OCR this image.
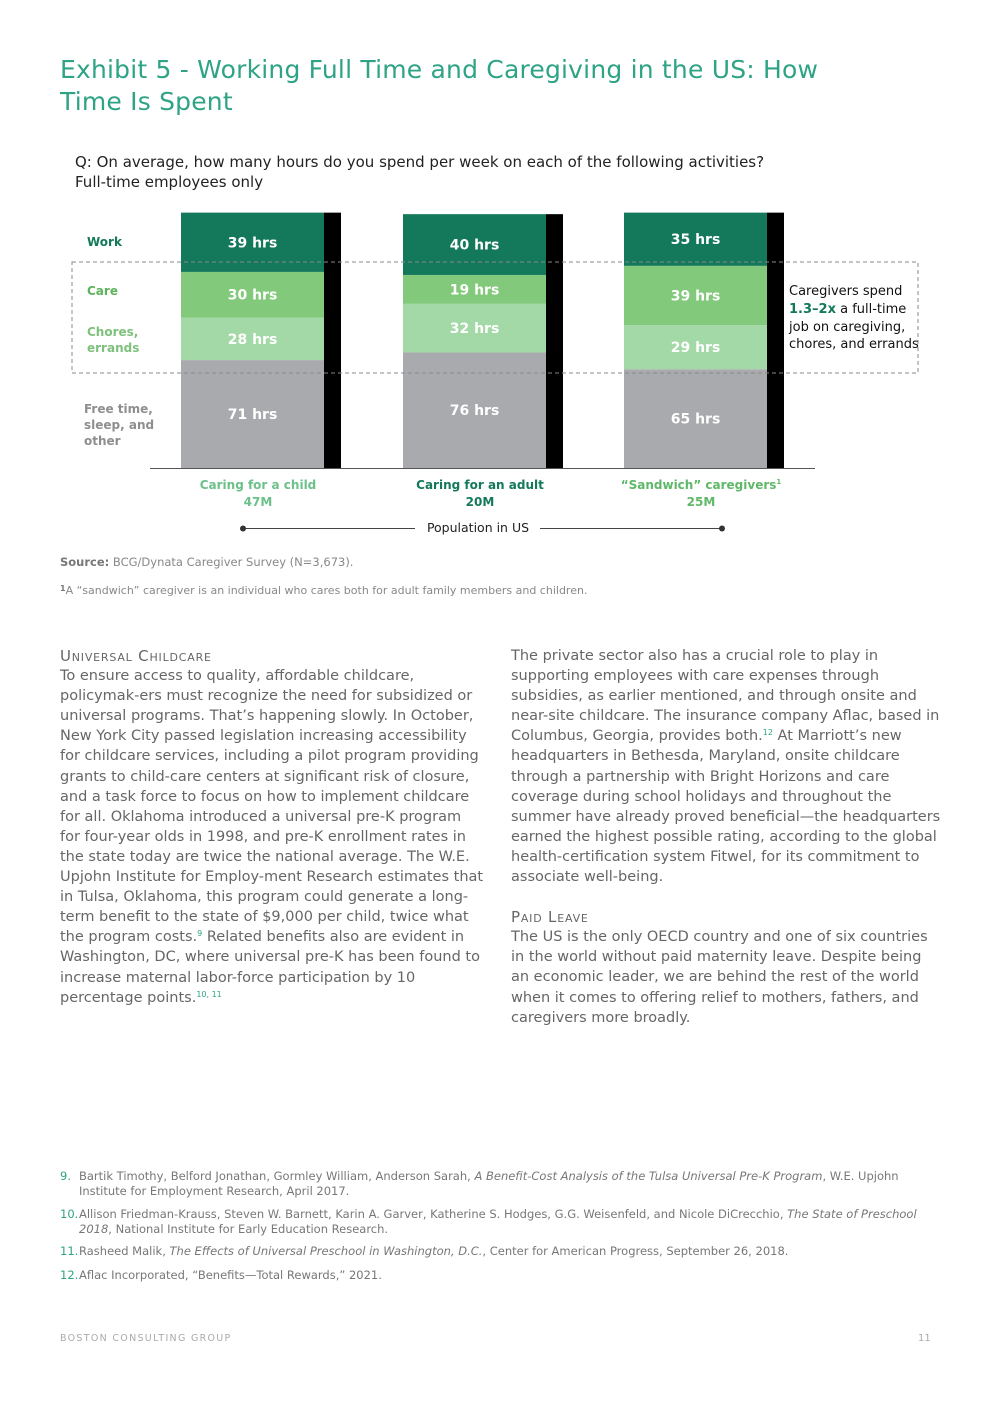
Exhibit 5 - Working Full Time and Caregiving in the US: How Time Is Spent
Q: On average, how many hours do you spend per week on each of the following activities?
Full-time employees only
71 hrs
28 hrs
30 hrs
39 hrs
76 hrs
32 hrs
19 hrs
40 hrs
65 hrs
29 hrs
39 hrs
35 hrs
Work
Care
Chores, errands
Free time, sleep, and other
Caring for a child
47M
Caring for an adult
20M
“Sandwich” caregivers$^1$
25M
Caregivers spend
1.3–2x a full-time
job on caregiving,
chores, and errands
Population in US
Source: BCG/Dynata Caregiver Survey (N=3,673).
$^1$A “sandwich” caregiver is an individual who cares both for adult family members and children.
Universal Childcare
To ensure access to quality, affordable childcare, policymak-ers must recognize the need for subsidized or universal programs. That’s happening slowly. In October, New York City passed legislation increasing accessibility for childcare services, including a pilot program providing grants to child-care centers at significant risk of closure, and a task force to focus on how to implement childcare for all. Oklahoma introduced a universal pre-K program for four-year olds in 1998, and pre-K enrollment rates in the state today are twice the national average. The W.E. Upjohn Institute for Employ-ment Research estimates that in Tulsa, Oklahoma, this program could generate a long-term benefit to the state of $9,000 per child, twice what the program costs.$^9$ Related benefits also are evident in Washington, DC, where universal pre-K has been found to increase maternal labor-force participation by 10 percentage points.$^{10, 11}$
The private sector also has a crucial role to play in supporting employees with care expenses through subsidies, as earlier mentioned, and through onsite and near-site childcare. The insurance company Aflac, based in Columbus, Georgia, provides both.$^{12}$ At Marriott’s new headquarters in Bethesda, Maryland, onsite childcare through a partnership with Bright Horizons and care coverage during school holidays and throughout the summer have already proved beneficial—the headquarters earned the highest possible rating, according to the global health-certification system Fitwel, for its commitment to associate well-being.
Paid Leave
The US is the only OECD country and one of six countries in the world without paid maternity leave. Despite being an economic leader, we are behind the rest of the world when it comes to offering relief to mothers, fathers, and caregivers more broadly.
9. Bartik Timothy, Belford Jonathan, Gormley William, Anderson Sarah, A Benefit-Cost Analysis of the Tulsa Universal Pre-K Program, W.E. Upjohn Institute for Employment Research, April 2017.
10. Allison Friedman-Krauss, Steven W. Barnett, Karin A. Garver, Katherine S. Hodges, G.G. Weisenfeld, and Nicole DiCrecchio, The State of Preschool 2018, National Institute for Early Education Research.
11. Rasheed Malik, The Effects of Universal Preschool in Washington, D.C., Center for American Progress, September 26, 2018.
12. Aflac Incorporated, “Benefits—Total Rewards,” 2021.
BOSTON CONSULTING GROUP	11
